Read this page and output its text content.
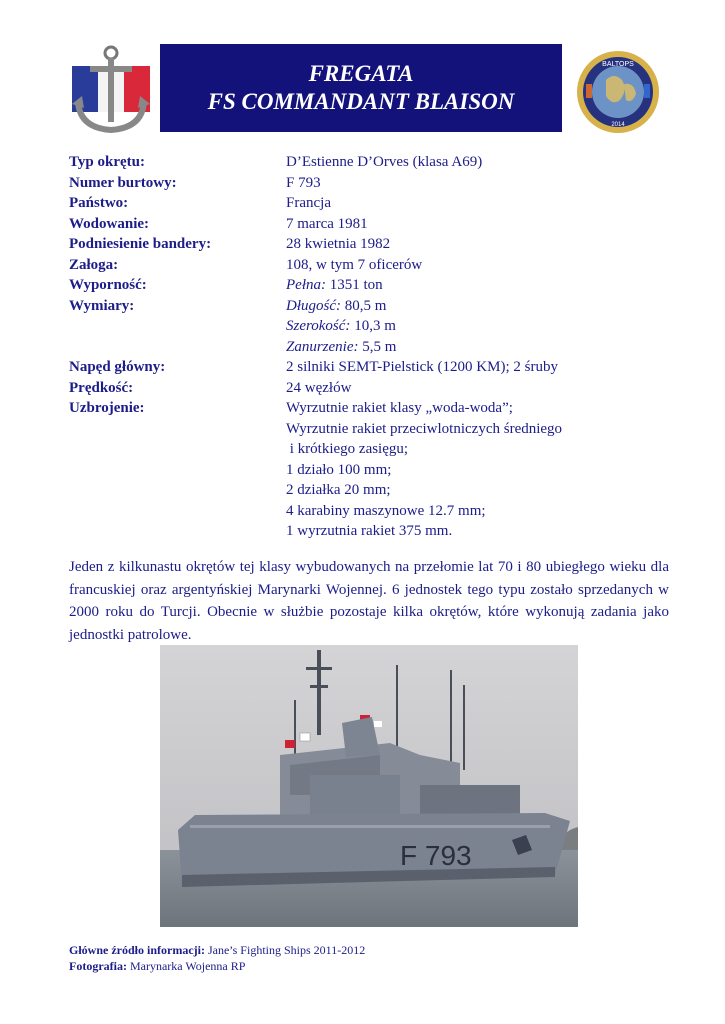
FREGATA
FS COMMANDANT BLAISON
BALTOPS
2014
Typ okrętu:	D’Estienne D’Orves (klasa A69)
Numer burtowy:	F 793
Państwo:	Francja
Wodowanie:	7 marca 1981
Podniesienie bandery:	28 kwietnia 1982
Załoga:	108, w tym 7 oficerów
Wyporność:	Pełna: 1351 ton
Wymiary:	Długość: 80,5 m
Szerokość: 10,3 m
Zanurzenie: 5,5 m
Napęd główny:	2 silniki SEMT-Pielstick (1200 KM); 2 śruby
Prędkość:	24 węzłów
Uzbrojenie:	Wyrzutnie rakiet klasy „woda-woda”;
Wyrzutnie rakiet przeciwlotniczych średniego
i krótkiego zasięgu;
1 działo 100 mm;
2 działka 20 mm;
4 karabiny maszynowe 12.7 mm;
1 wyrzutnia rakiet 375 mm.
Jeden z kilkunastu okrętów tej klasy wybudowanych na przełomie lat 70 i 80 ubiegłego wieku dla francuskiej oraz argentyńskiej Marynarki Wojennej. 6 jednostek tego typu zostało sprzedanych w 2000 roku do Turcji. Obecnie w służbie pozostaje kilka okrętów, które wykonują zadania jako jednostki patrolowe.
F 793
Główne źródło informacji: Jane’s Fighting Ships 2011-2012
Fotografia: Marynarka Wojenna RP
